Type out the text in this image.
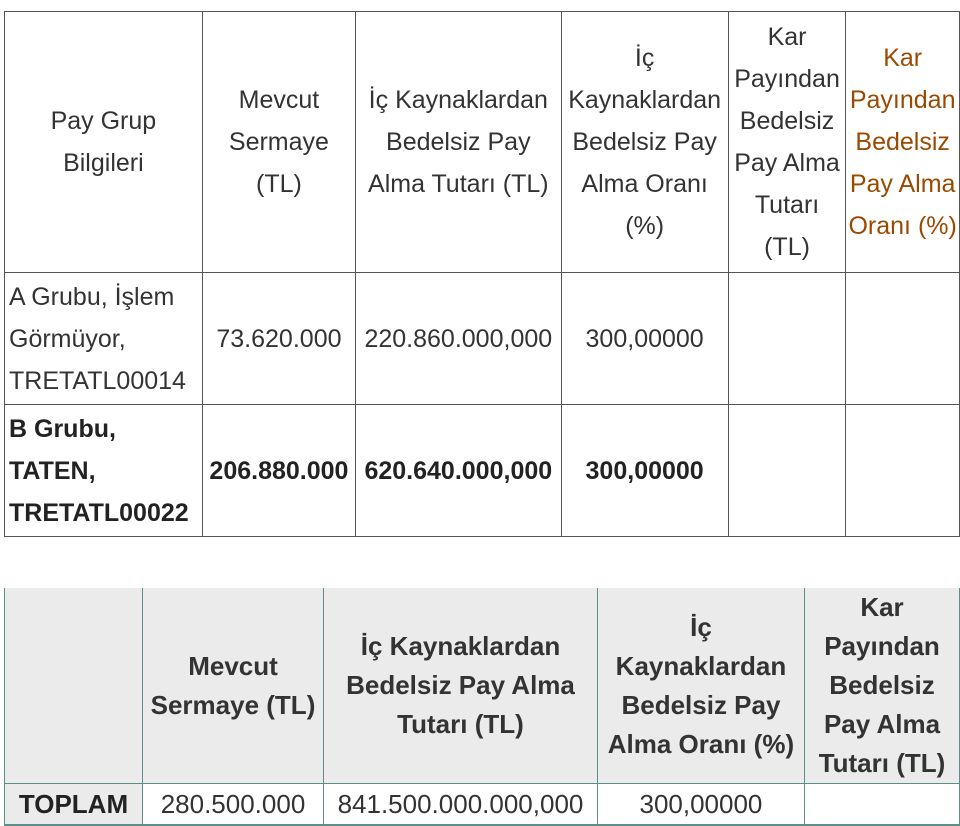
Pay Grup Bilgileri	Mevcut Sermaye (TL)	İç Kaynaklardan Bedelsiz Pay Alma Tutarı (TL)	İç Kaynaklardan Bedelsiz Pay Alma Oranı (%)	Kar Payından Bedelsiz Pay Alma Tutarı (TL)	Kar Payından Bedelsiz Pay Alma Oranı (%)
A Grubu, İşlem Görmüyor, TRETATL00014	73.620.000	220.860.000,000	300,00000		
B Grubu, TATEN, TRETATL00022	206.880.000	620.640.000,000	300,00000		
	Mevcut Sermaye (TL)	İç Kaynaklardan Bedelsiz Pay Alma Tutarı (TL)	İç Kaynaklardan Bedelsiz Pay Alma Oranı (%)	Kar Payından Bedelsiz Pay Alma Tutarı (TL)
TOPLAM	280.500.000	841.500.000.000,000	300,00000	
